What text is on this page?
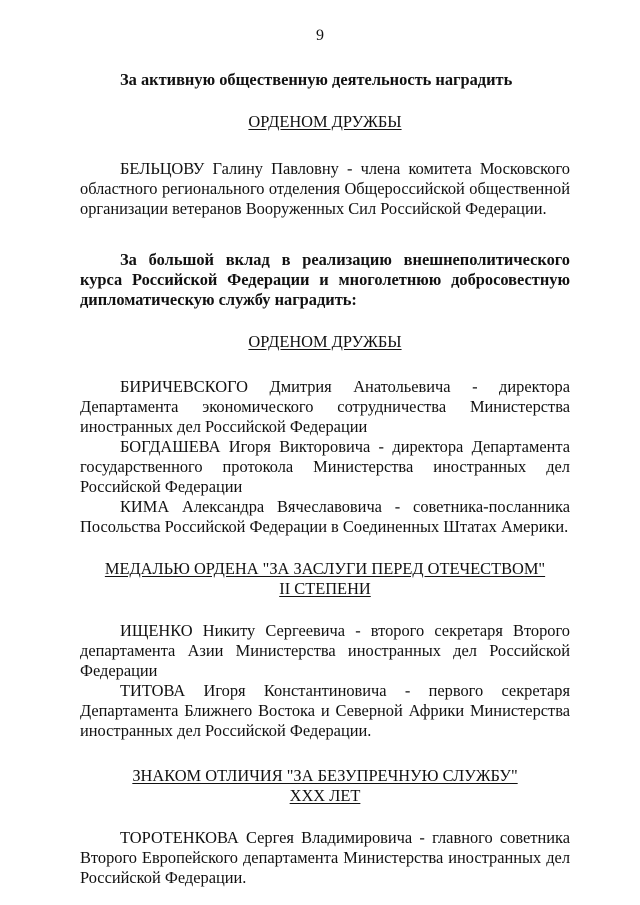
9

За активную общественную деятельность наградить

ОРДЕНОМ ДРУЖБЫ

БЕЛЬЦОВУ Галину Павловну - члена комитета Московского областного регионального отделения Общероссийской общественной организации ветеранов Вооруженных Сил Российской Федерации.

За большой вклад в реализацию внешнеполитического курса Российской Федерации и многолетнюю добросовестную дипломатическую службу наградить:

ОРДЕНОМ ДРУЖБЫ

БИРИЧЕВСКОГО Дмитрия Анатольевича - директора Департамента экономического сотрудничества Министерства иностранных дел Российской Федерации

БОГДАШЕВА Игоря Викторовича - директора Департамента государственного протокола Министерства иностранных дел Российской Федерации

КИМА Александра Вячеславовича - советника-посланника Посольства Российской Федерации в Соединенных Штатах Америки.

МЕДАЛЬЮ ОРДЕНА "ЗА ЗАСЛУГИ ПЕРЕД ОТЕЧЕСТВОМ"

II СТЕПЕНИ

ИЩЕНКО Никиту Сергеевича - второго секретаря Второго департамента Азии Министерства иностранных дел Российской Федерации

ТИТОВА Игоря Константиновича - первого секретаря Департамента Ближнего Востока и Северной Африки Министерства иностранных дел Российской Федерации.

ЗНАКОМ ОТЛИЧИЯ "ЗА БЕЗУПРЕЧНУЮ СЛУЖБУ"

XXX ЛЕТ

ТОРОТЕНКОВА Сергея Владимировича - главного советника Второго Европейского департамента Министерства иностранных дел Российской Федерации.
